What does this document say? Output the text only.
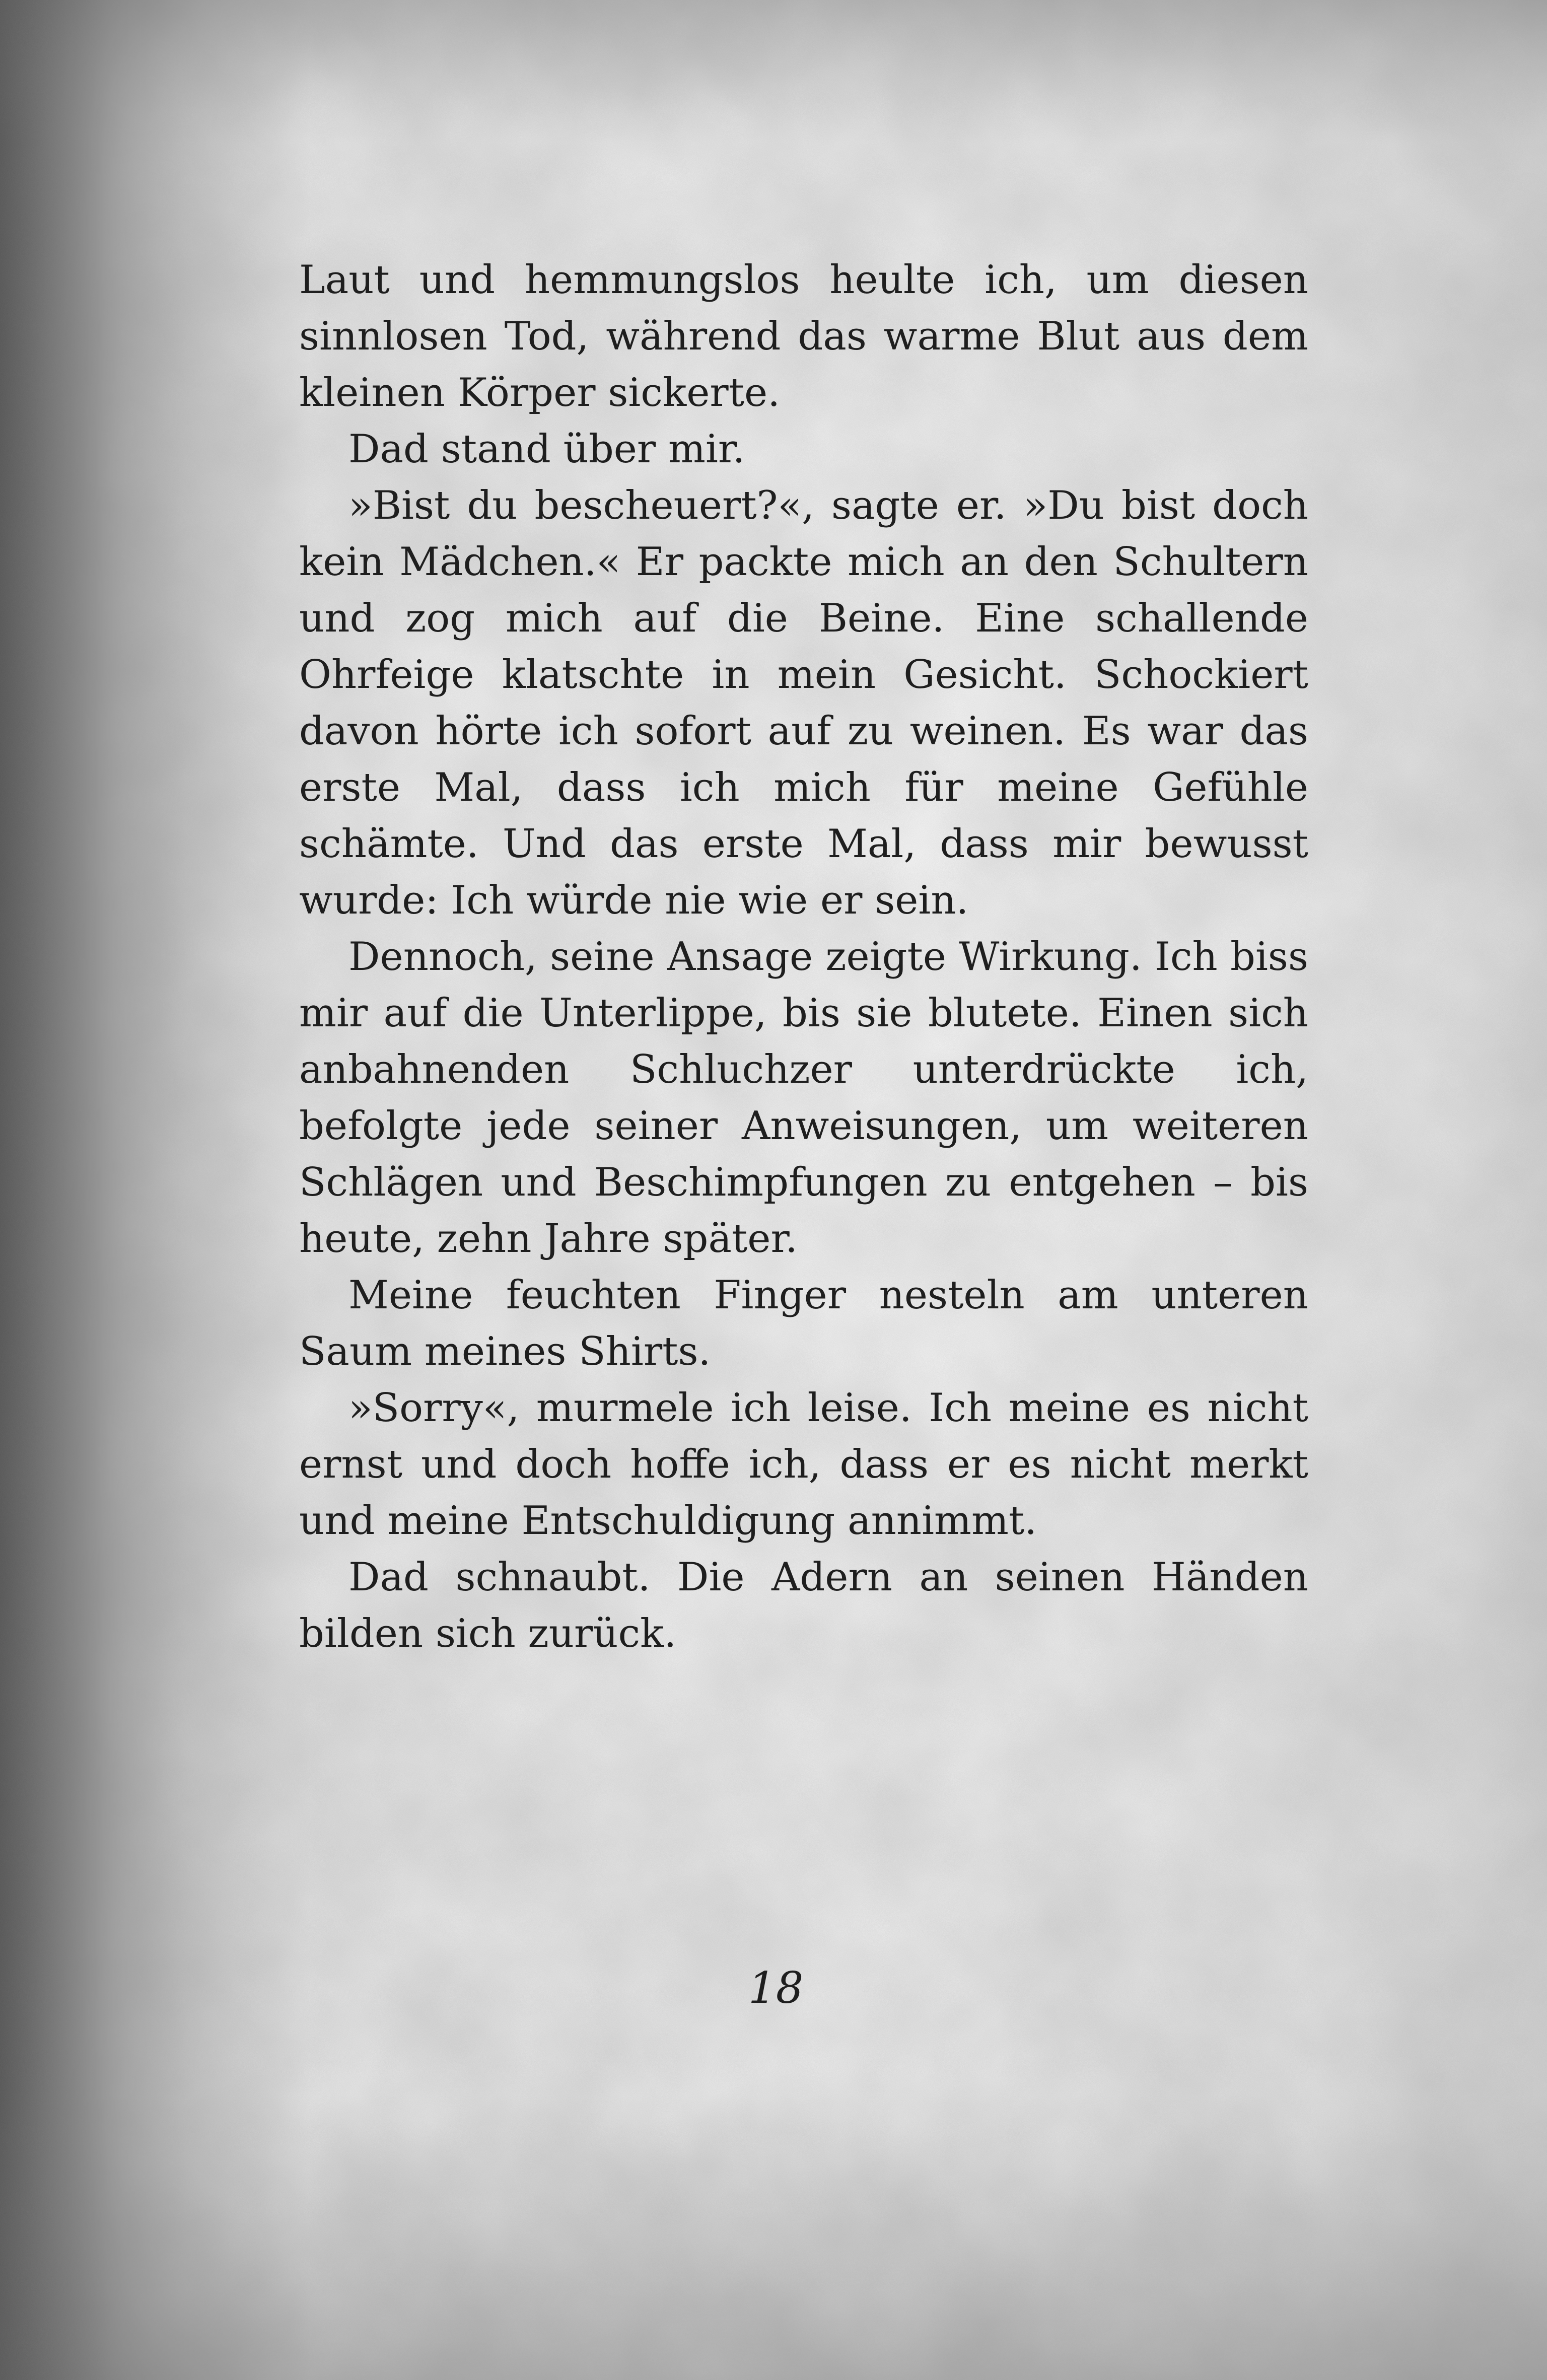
Laut und hemmungslos heulte ich, um diesen sinnlosen Tod, während das warme Blut aus dem kleinen Körper sickerte.

Dad stand über mir.

»Bist du bescheuert?«, sagte er. »Du bist doch kein Mädchen.« Er packte mich an den Schultern und zog mich auf die Beine. Eine schallende Ohrfeige klatschte in mein Gesicht. Schockiert davon hörte ich sofort auf zu weinen. Es war das erste Mal, dass ich mich für meine Gefühle schämte. Und das erste Mal, dass mir bewusst wurde: Ich würde nie wie er sein.

Dennoch, seine Ansage zeigte Wirkung. Ich biss mir auf die Unterlippe, bis sie blutete. Einen sich anbahnenden Schluchzer unterdrückte ich, befolgte jede seiner Anweisungen, um weiteren Schlägen und Beschimpfungen zu entgehen – bis heute, zehn Jahre später.

Meine feuchten Finger nesteln am unteren Saum meines Shirts.

»Sorry«, murmele ich leise. Ich meine es nicht ernst und doch hoffe ich, dass er es nicht merkt und meine Entschuldigung annimmt.

Dad schnaubt. Die Adern an seinen Händen bilden sich zurück.

18
